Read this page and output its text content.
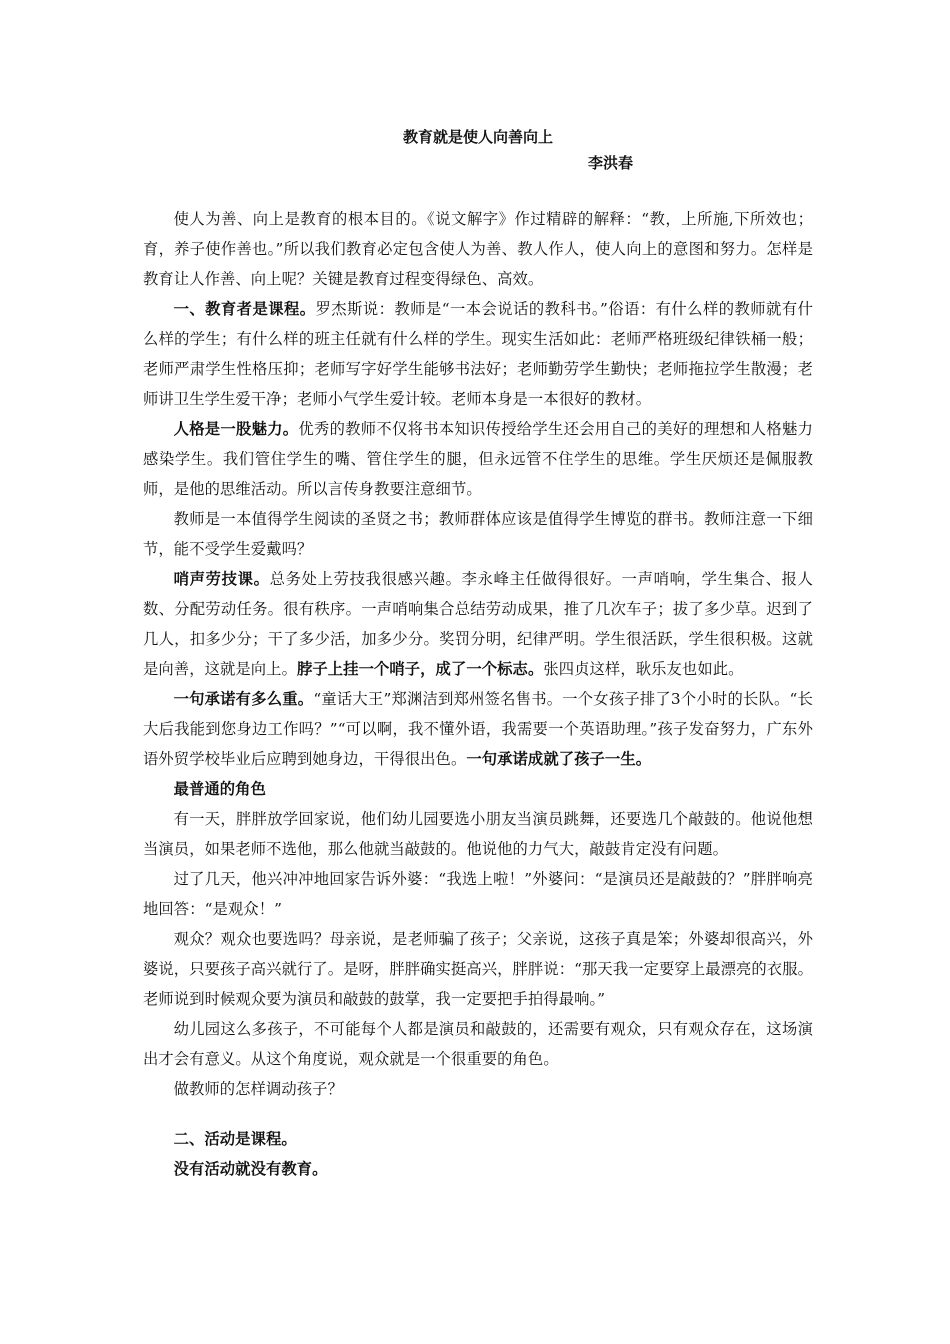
教育就是使人向善向上
李洪春

使人为善、向上是教育的根本目的。《说文解字》作过精辟的解释：“教，上所施,下所效也；育，养子使作善也。”所以我们教育必定包含使人为善、教人作人，使人向上的意图和努力。怎样是教育让人作善、向上呢？关键是教育过程变得绿色、高效。

一、教育者是课程。罗杰斯说：教师是“一本会说话的教科书。”俗语：有什么样的教师就有什么样的学生；有什么样的班主任就有什么样的学生。现实生活如此：老师严格班级纪律铁桶一般；老师严肃学生性格压抑；老师写字好学生能够书法好；老师勤劳学生勤快；老师拖拉学生散漫；老师讲卫生学生爱干净；老师小气学生爱计较。老师本身是一本很好的教材。

人格是一股魅力。优秀的教师不仅将书本知识传授给学生还会用自己的美好的理想和人格魅力感染学生。我们管住学生的嘴、管住学生的腿，但永远管不住学生的思维。学生厌烦还是佩服教师，是他的思维活动。所以言传身教要注意细节。

教师是一本值得学生阅读的圣贤之书；教师群体应该是值得学生博览的群书。教师注意一下细节，能不受学生爱戴吗？

哨声劳技课。总务处上劳技我很感兴趣。李永峰主任做得很好。一声哨响，学生集合、报人数、分配劳动任务。很有秩序。一声哨响集合总结劳动成果，推了几次车子；拔了多少草。迟到了几人，扣多少分；干了多少活，加多少分。奖罚分明，纪律严明。学生很活跃，学生很积极。这就是向善，这就是向上。脖子上挂一个哨子，成了一个标志。张四贞这样，耿乐友也如此。

一句承诺有多么重。“童话大王”郑渊洁到郑州签名售书。一个女孩子排了3个小时的长队。“长大后我能到您身边工作吗？”“可以啊，我不懂外语，我需要一个英语助理。”孩子发奋努力，广东外语外贸学校毕业后应聘到她身边，干得很出色。一句承诺成就了孩子一生。

最普通的角色

有一天，胖胖放学回家说，他们幼儿园要选小朋友当演员跳舞，还要选几个敲鼓的。他说他想当演员，如果老师不选他，那么他就当敲鼓的。他说他的力气大，敲鼓肯定没有问题。

过了几天，他兴冲冲地回家告诉外婆：“我选上啦！”外婆问：“是演员还是敲鼓的？”胖胖响亮地回答：“是观众！”

观众？观众也要选吗？母亲说，是老师骗了孩子；父亲说，这孩子真是笨；外婆却很高兴，外婆说，只要孩子高兴就行了。是呀，胖胖确实挺高兴，胖胖说：“那天我一定要穿上最漂亮的衣服。老师说到时候观众要为演员和敲鼓的鼓掌，我一定要把手拍得最响。”

幼儿园这么多孩子，不可能每个人都是演员和敲鼓的，还需要有观众，只有观众存在，这场演出才会有意义。从这个角度说，观众就是一个很重要的角色。

做教师的怎样调动孩子？

二、活动是课程。

没有活动就没有教育。
